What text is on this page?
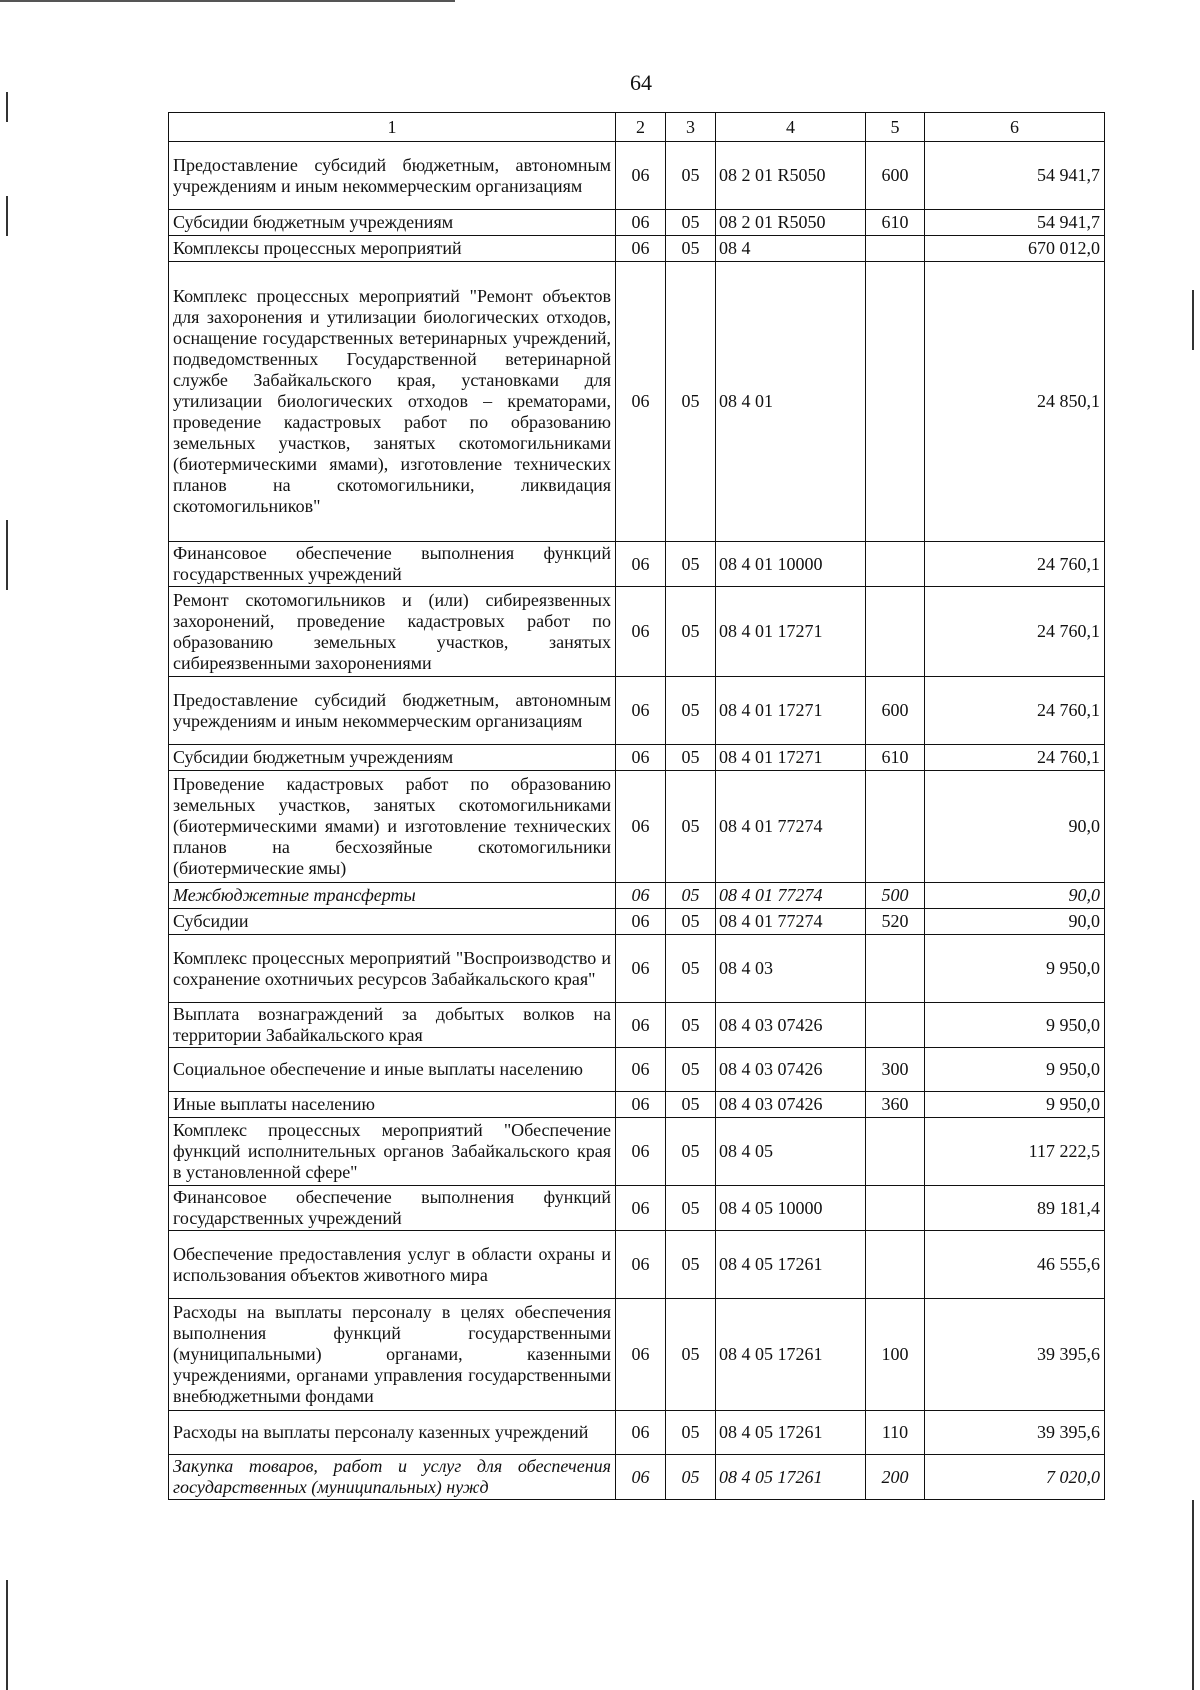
64
1	2	3	4	5	6
Предоставление субсидий бюджетным, автономным учреждениям и иным некоммерческим организациям	06	05	08 2 01 R5050	600	54 941,7
Субсидии бюджетным учреждениям	06	05	08 2 01 R5050	610	54 941,7
Комплексы процессных мероприятий	06	05	08 4		670 012,0
Комплекс процессных мероприятий "Ремонт объектов для захоронения и утилизации биологических отходов, оснащение государственных ветеринарных учреждений, подведомственных Государственной ветеринарной службе Забайкальского края, установками для утилизации биологических отходов – крематорами, проведение кадастровых работ по образованию земельных участков, занятых скотомогильниками (биотермическими ямами), изготовление технических планов на скотомогильники, ликвидация скотомогильников"	06	05	08 4 01		24 850,1
Финансовое обеспечение выполнения функций государственных учреждений	06	05	08 4 01 10000		24 760,1
Ремонт скотомогильников и (или) сибиреязвенных захоронений, проведение кадастровых работ по образованию земельных участков, занятых сибиреязвенными захоронениями	06	05	08 4 01 17271		24 760,1
Предоставление субсидий бюджетным, автономным учреждениям и иным некоммерческим организациям	06	05	08 4 01 17271	600	24 760,1
Субсидии бюджетным учреждениям	06	05	08 4 01 17271	610	24 760,1
Проведение кадастровых работ по образованию земельных участков, занятых скотомогильниками (биотермическими ямами) и изготовление технических планов на бесхозяйные скотомогильники (биотермические ямы)	06	05	08 4 01 77274		90,0
Межбюджетные трансферты	06	05	08 4 01 77274	500	90,0
Субсидии	06	05	08 4 01 77274	520	90,0
Комплекс процессных мероприятий "Воспроизводство и сохранение охотничьих ресурсов Забайкальского края"	06	05	08 4 03		9 950,0
Выплата вознаграждений за добытых волков на территории Забайкальского края	06	05	08 4 03 07426		9 950,0
Социальное обеспечение и иные выплаты населению	06	05	08 4 03 07426	300	9 950,0
Иные выплаты населению	06	05	08 4 03 07426	360	9 950,0
Комплекс процессных мероприятий "Обеспечение функций исполнительных органов Забайкальского края в установленной сфере"	06	05	08 4 05		117 222,5
Финансовое обеспечение выполнения функций государственных учреждений	06	05	08 4 05 10000		89 181,4
Обеспечение предоставления услуг в области охраны и использования объектов животного мира	06	05	08 4 05 17261		46 555,6
Расходы на выплаты персоналу в целях обеспечения выполнения функций государственными (муниципальными) органами, казенными учреждениями, органами управления государственными внебюджетными фондами	06	05	08 4 05 17261	100	39 395,6
Расходы на выплаты персоналу казенных учреждений	06	05	08 4 05 17261	110	39 395,6
Закупка товаров, работ и услуг для обеспечения государственных (муниципальных) нужд	06	05	08 4 05 17261	200	7 020,0
